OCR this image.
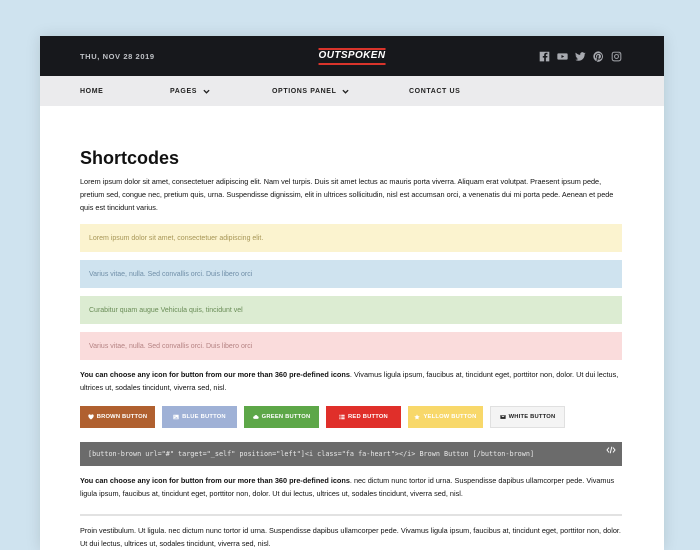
THU, NOV 28 2019	OUTSPOKEN
HOME	PAGES	OPTIONS PANEL	CONTACT US
Shortcodes

Lorem ipsum dolor sit amet, consectetuer adipiscing elit. Nam vel turpis. Duis sit amet lectus ac mauris porta viverra. Aliquam erat volutpat. Praesent ipsum pede, pretium sed, congue nec, pretium quis, urna. Suspendisse dignissim, elit in ultrices sollicitudin, nisl est accumsan orci, a venenatis dui mi porta pede. Aenean et pede quis est tincidunt varius.

Lorem ipsum dolor sit amet, consectetuer adipiscing elit.
Varius vitae, nulla. Sed convallis orci. Duis libero orci
Curabitur quam augue Vehicula quis, tincidunt vel
Varius vitae, nulla. Sed convallis orci. Duis libero orci

You can choose any icon for button from our more than 360 pre-defined icons. Vivamus ligula ipsum, faucibus at, tincidunt eget, porttitor non, dolor. Ut dui lectus, ultrices ut, sodales tincidunt, viverra sed, nisl.

BROWN BUTTON	BLUE BUTTON	GREEN BUTTON	RED BUTTON	YELLOW BUTTON	WHITE BUTTON
[button-brown url="#" target="_self" position="left"]<i class="fa fa-heart"></i> Brown Button [/button-brown]

You can choose any icon for button from our more than 360 pre-defined icons. nec dictum nunc tortor id urna. Suspendisse dapibus ullamcorper pede. Vivamus ligula ipsum, faucibus at, tincidunt eget, porttitor non, dolor. Ut dui lectus, ultrices ut, sodales tincidunt, viverra sed, nisl.

Proin vestibulum. Ut ligula. nec dictum nunc tortor id urna. Suspendisse dapibus ullamcorper pede. Vivamus ligula ipsum, faucibus at, tincidunt eget, porttitor non, dolor. Ut dui lectus, ultrices ut, sodales tincidunt, viverra sed, nisl.
